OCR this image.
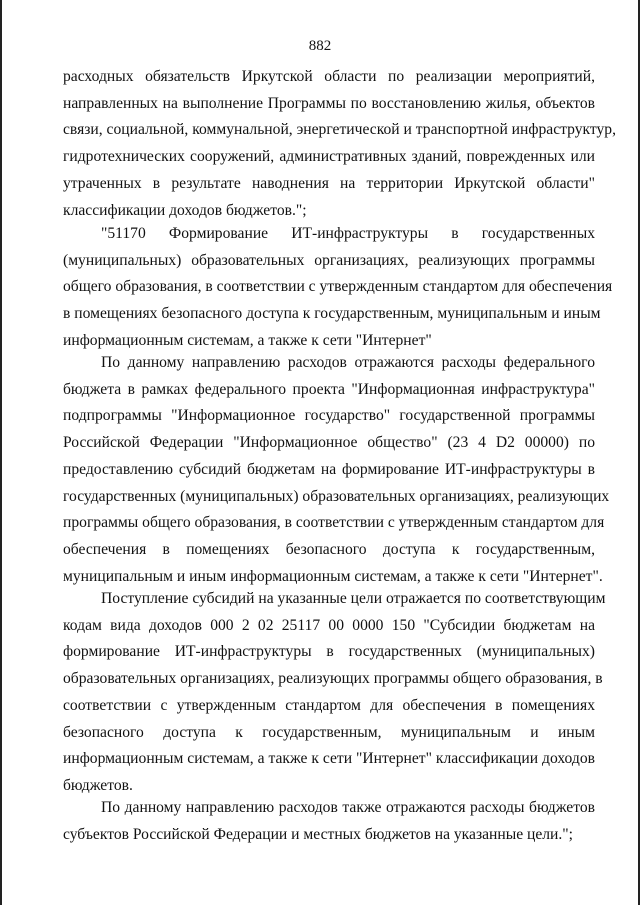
882
расходных обязательств Иркутской области по реализации мероприятий,
направленных на выполнение Программы по восстановлению жилья, объектов
связи, социальной, коммунальной, энергетической и транспортной инфраструктур,
гидротехнических сооружений, административных зданий, поврежденных или
утраченных в результате наводнения на территории Иркутской области"
классификации доходов бюджетов.";
"51170 Формирование ИТ-инфраструктуры в государственных
(муниципальных) образовательных организациях, реализующих программы
общего образования, в соответствии с утвержденным стандартом для обеспечения
в помещениях безопасного доступа к государственным, муниципальным и иным
информационным системам, а также к сети "Интернет"
По данному направлению расходов отражаются расходы федерального
бюджета в рамках федерального проекта "Информационная инфраструктура"
подпрограммы "Информационное государство" государственной программы
Российской Федерации "Информационное общество" (23 4 D2 00000) по
предоставлению субсидий бюджетам на формирование ИТ-инфраструктуры в
государственных (муниципальных) образовательных организациях, реализующих
программы общего образования, в соответствии с утвержденным стандартом для
обеспечения в помещениях безопасного доступа к государственным,
муниципальным и иным информационным системам, а также к сети "Интернет".
Поступление субсидий на указанные цели отражается по соответствующим
кодам вида доходов 000 2 02 25117 00 0000 150 "Субсидии бюджетам на
формирование ИТ-инфраструктуры в государственных (муниципальных)
образовательных организациях, реализующих программы общего образования, в
соответствии с утвержденным стандартом для обеспечения в помещениях
безопасного доступа к государственным, муниципальным и иным
информационным системам, а также к сети "Интернет" классификации доходов
бюджетов.
По данному направлению расходов также отражаются расходы бюджетов
субъектов Российской Федерации и местных бюджетов на указанные цели.";
